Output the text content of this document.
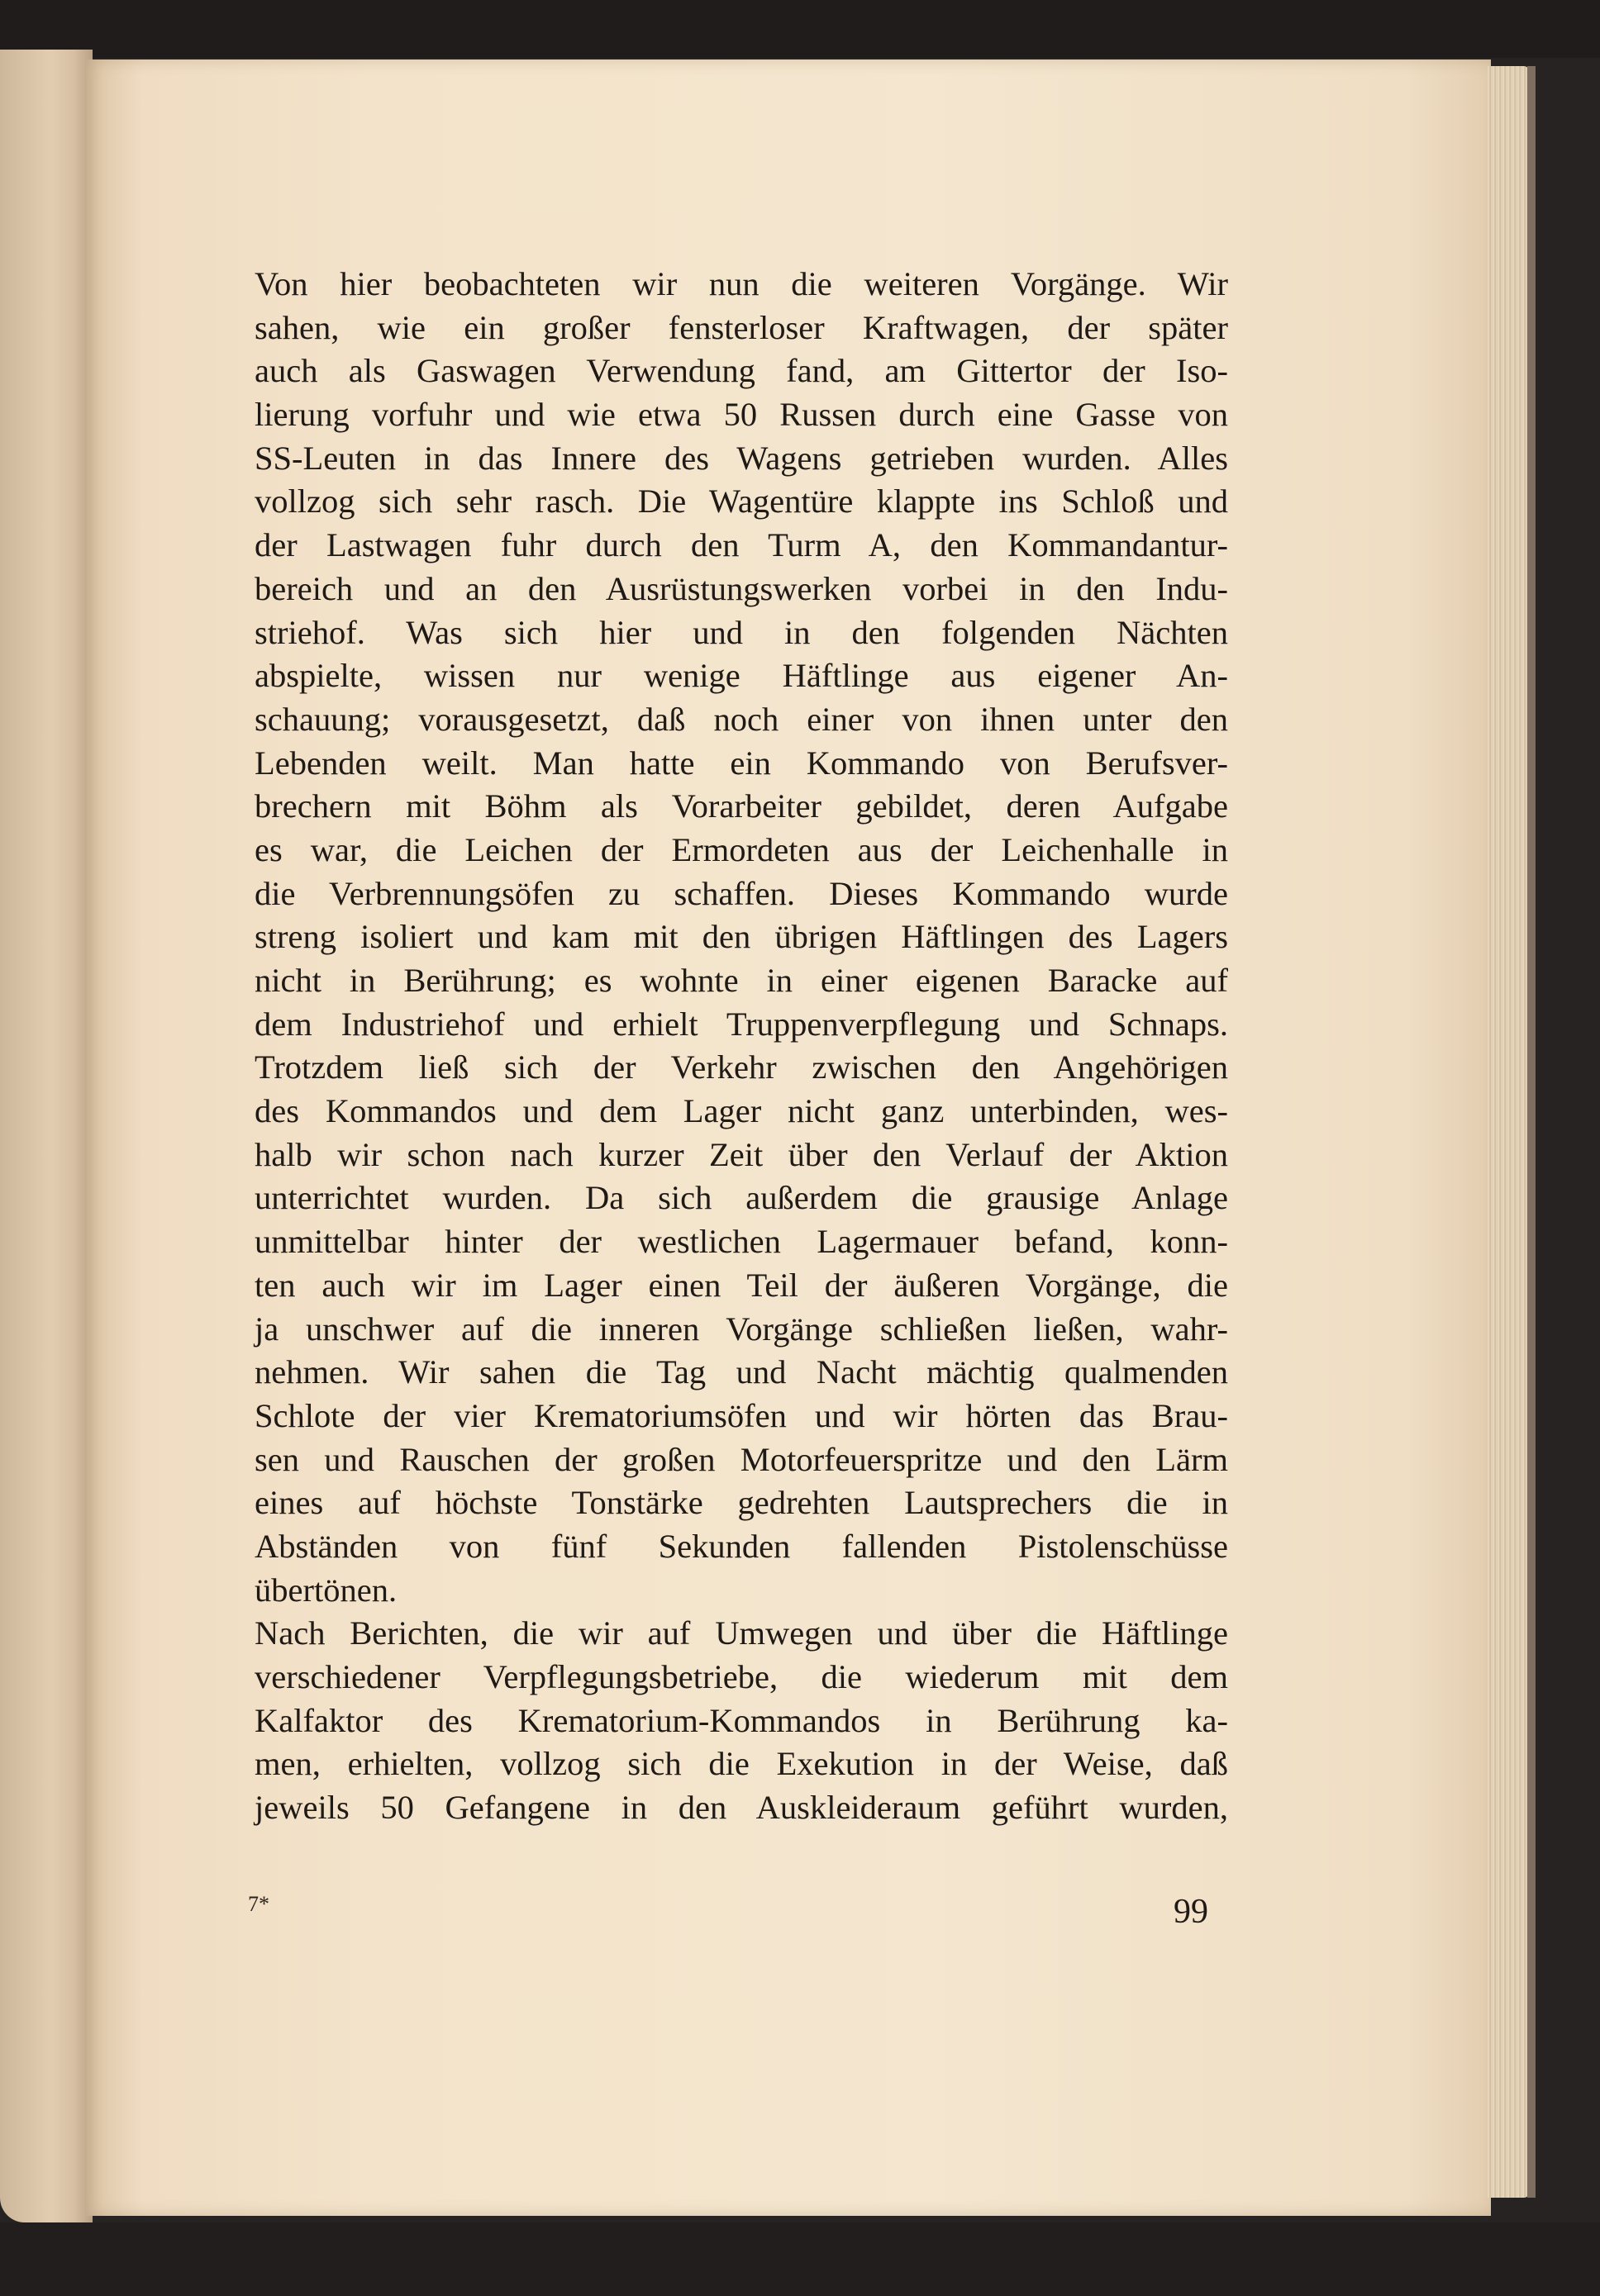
Von hier beobachteten wir nun die weiteren Vorgänge. Wir
sahen, wie ein großer fensterloser Kraftwagen, der später
auch als Gaswagen Verwendung fand, am Gittertor der Iso-
lierung vorfuhr und wie etwa 50 Russen durch eine Gasse von
SS-Leuten in das Innere des Wagens getrieben wurden. Alles
vollzog sich sehr rasch. Die Wagentüre klappte ins Schloß und
der Lastwagen fuhr durch den Turm A, den Kommandantur-
bereich und an den Ausrüstungswerken vorbei in den Indu-
striehof. Was sich hier und in den folgenden Nächten
abspielte, wissen nur wenige Häftlinge aus eigener An-
schauung; vorausgesetzt, daß noch einer von ihnen unter den
Lebenden weilt. Man hatte ein Kommando von Berufsver-
brechern mit Böhm als Vorarbeiter gebildet, deren Aufgabe
es war, die Leichen der Ermordeten aus der Leichenhalle in
die Verbrennungsöfen zu schaffen. Dieses Kommando wurde
streng isoliert und kam mit den übrigen Häftlingen des Lagers
nicht in Berührung; es wohnte in einer eigenen Baracke auf
dem Industriehof und erhielt Truppenverpflegung und Schnaps.
Trotzdem ließ sich der Verkehr zwischen den Angehörigen
des Kommandos und dem Lager nicht ganz unterbinden, wes-
halb wir schon nach kurzer Zeit über den Verlauf der Aktion
unterrichtet wurden. Da sich außerdem die grausige Anlage
unmittelbar hinter der westlichen Lagermauer befand, konn-
ten auch wir im Lager einen Teil der äußeren Vorgänge, die
ja unschwer auf die inneren Vorgänge schließen ließen, wahr-
nehmen. Wir sahen die Tag und Nacht mächtig qualmenden
Schlote der vier Krematoriumsöfen und wir hörten das Brau-
sen und Rauschen der großen Motorfeuerspritze und den Lärm
eines auf höchste Tonstärke gedrehten Lautsprechers die in
Abständen von fünf Sekunden fallenden Pistolenschüsse
übertönen.
Nach Berichten, die wir auf Umwegen und über die Häftlinge
verschiedener Verpflegungsbetriebe, die wiederum mit dem
Kalfaktor des Krematorium-Kommandos in Berührung ka-
men, erhielten, vollzog sich die Exekution in der Weise, daß
jeweils 50 Gefangene in den Auskleideraum geführt wurden,
7*	99
